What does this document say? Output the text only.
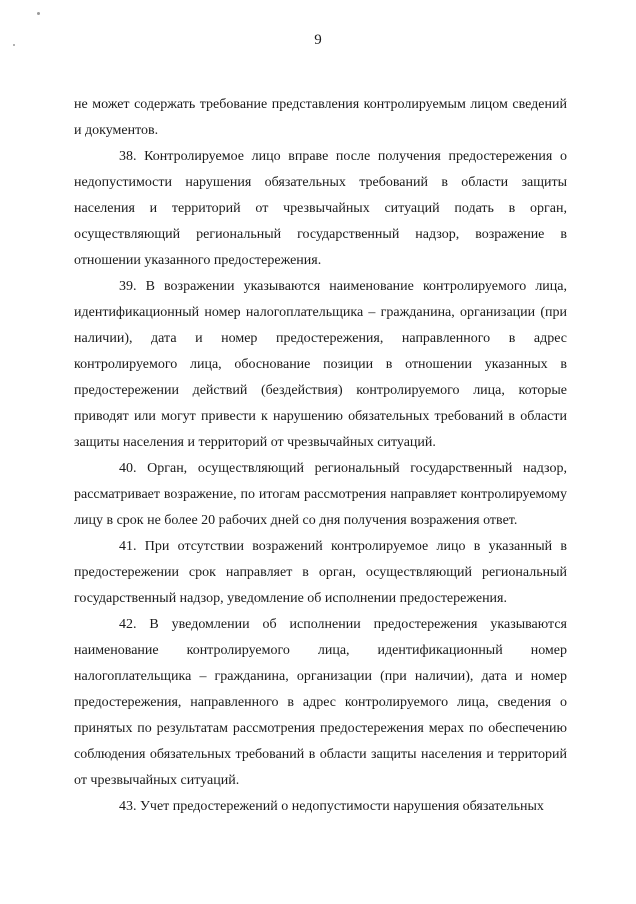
9

не может содержать требование представления контролируемым лицом сведений и документов.

38. Контролируемое лицо вправе после получения предостережения о недопустимости нарушения обязательных требований в области защиты населения и территорий от чрезвычайных ситуаций подать в орган, осуществляющий региональный государственный надзор, возражение в отношении указанного предостережения.

39. В возражении указываются наименование контролируемого лица, идентификационный номер налогоплательщика – гражданина, организации (при наличии), дата и номер предостережения, направленного в адрес контролируемого лица, обоснование позиции в отношении указанных в предостережении действий (бездействия) контролируемого лица, которые приводят или могут привести к нарушению обязательных требований в области защиты населения и территорий от чрезвычайных ситуаций.

40. Орган, осуществляющий региональный государственный надзор, рассматривает возражение, по итогам рассмотрения направляет контролируемому лицу в срок не более 20 рабочих дней со дня получения возражения ответ.

41. При отсутствии возражений контролируемое лицо в указанный в предостережении срок направляет в орган, осуществляющий региональный государственный надзор, уведомление об исполнении предостережения.

42. В уведомлении об исполнении предостережения указываются наименование контролируемого лица, идентификационный номер налогоплательщика – гражданина, организации (при наличии), дата и номер предостережения, направленного в адрес контролируемого лица, сведения о принятых по результатам рассмотрения предостережения мерах по обеспечению соблюдения обязательных требований в области защиты населения и территорий от чрезвычайных ситуаций.

43. Учет предостережений о недопустимости нарушения обязательных
